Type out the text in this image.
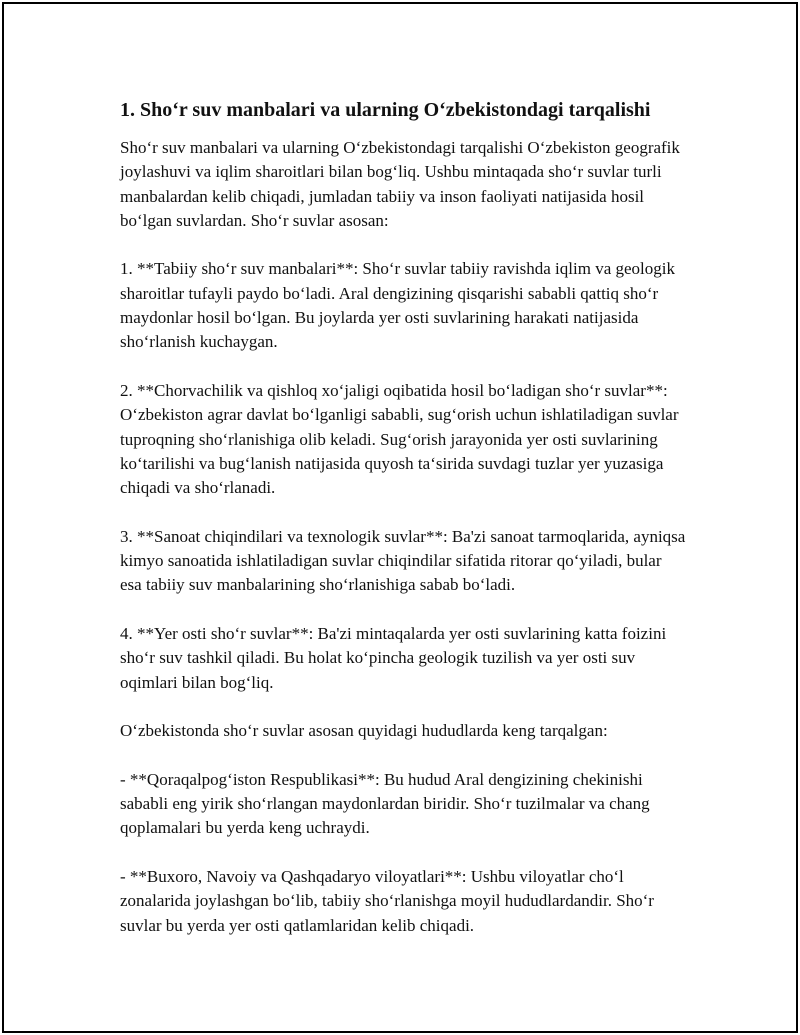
1. Sho‘r suv manbalari va ularning O‘zbekistondagi tarqalishi

Sho‘r suv manbalari va ularning O‘zbekistondagi tarqalishi O‘zbekiston geografik joylashuvi va iqlim sharoitlari bilan bog‘liq. Ushbu mintaqada sho‘r suvlar turli manbalardan kelib chiqadi, jumladan tabiiy va inson faoliyati natijasida hosil bo‘lgan suvlardan. Sho‘r suvlar asosan:

1. **Tabiiy sho‘r suv manbalari**: Sho‘r suvlar tabiiy ravishda iqlim va geologik sharoitlar tufayli paydo bo‘ladi. Aral dengizining qisqarishi sababli qattiq sho‘r maydonlar hosil bo‘lgan. Bu joylarda yer osti suvlarining harakati natijasida sho‘rlanish kuchaygan.

2. **Chorvachilik va qishloq xo‘jaligi oqibatida hosil bo‘ladigan sho‘r suvlar**: O‘zbekiston agrar davlat bo‘lganligi sababli, sug‘orish uchun ishlatiladigan suvlar tuproqning sho‘rlanishiga olib keladi. Sug‘orish jarayonida yer osti suvlarining ko‘tarilishi va bug‘lanish natijasida quyosh ta‘sirida suvdagi tuzlar yer yuzasiga chiqadi va sho‘rlanadi.

3. **Sanoat chiqindilari va texnologik suvlar**: Ba'zi sanoat tarmoqlarida, ayniqsa kimyo sanoatida ishlatiladigan suvlar chiqindilar sifatida ritorar qo‘yiladi, bular esa tabiiy suv manbalarining sho‘rlanishiga sabab bo‘ladi.

4. **Yer osti sho‘r suvlar**: Ba'zi mintaqalarda yer osti suvlarining katta foizini sho‘r suv tashkil qiladi. Bu holat ko‘pincha geologik tuzilish va yer osti suv oqimlari bilan bog‘liq.

O‘zbekistonda sho‘r suvlar asosan quyidagi hududlarda keng tarqalgan:

- **Qoraqalpog‘iston Respublikasi**: Bu hudud Aral dengizining chekinishi sababli eng yirik sho‘rlangan maydonlardan biridir. Sho‘r tuzilmalar va chang qoplamalari bu yerda keng uchraydi.

- **Buxoro, Navoiy va Qashqadaryo viloyatlari**: Ushbu viloyatlar cho‘l zonalarida joylashgan bo‘lib, tabiiy sho‘rlanishga moyil hududlardandir. Sho‘r suvlar bu yerda yer osti qatlamlaridan kelib chiqadi.
